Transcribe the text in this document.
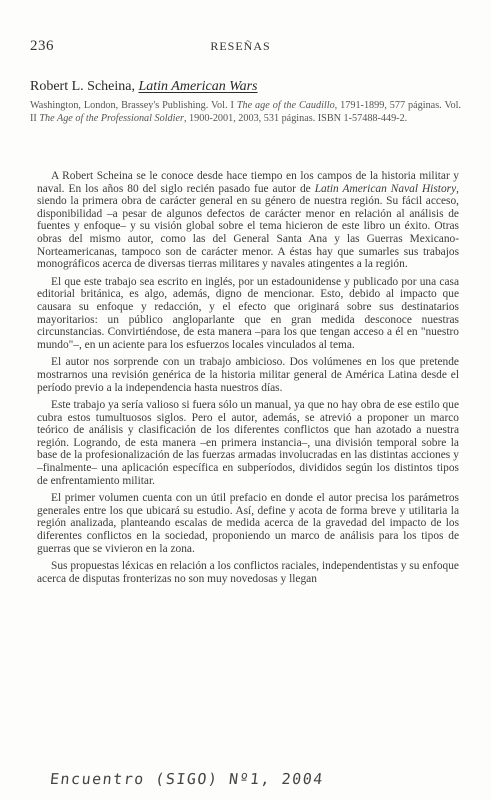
236	RESEÑAS
Robert L. Scheina, Latin American Wars
Washington, London, Brassey's Publishing. Vol. I The age of the Caudillo, 1791-1899, 577 páginas. Vol. II The Age of the Professional Soldier, 1900-2001, 2003, 531 páginas. ISBN 1-57488-449-2.

A Robert Scheina se le conoce desde hace tiempo en los campos de la historia militar y naval. En los años 80 del siglo recién pasado fue autor de Latin American Naval History, siendo la primera obra de carácter general en su género de nuestra región. Su fácil acceso, disponibilidad –a pesar de algunos defectos de carácter menor en relación al análisis de fuentes y enfoque– y su visión global sobre el tema hicieron de este libro un éxito. Otras obras del mismo autor, como las del General Santa Ana y las Guerras Mexicano-Norteamericanas, tampoco son de carácter menor. A éstas hay que sumarles sus trabajos monográficos acerca de diversas tierras militares y navales atingentes a la región.

El que este trabajo sea escrito en inglés, por un estadounidense y publicado por una casa editorial británica, es algo, además, digno de mencionar. Esto, debido al impacto que causara su enfoque y redacción, y el efecto que originará sobre sus destinatarios mayoritarios: un público angloparlante que en gran medida desconoce nuestras circunstancias. Convirtiéndose, de esta manera –para los que tengan acceso a él en "nuestro mundo"–, en un aciente para los esfuerzos locales vinculados al tema.

El autor nos sorprende con un trabajo ambicioso. Dos volúmenes en los que pretende mostrarnos una revisión genérica de la historia militar general de América Latina desde el período previo a la independencia hasta nuestros días.

Este trabajo ya sería valioso si fuera sólo un manual, ya que no hay obra de ese estilo que cubra estos tumultuosos siglos. Pero el autor, además, se atrevió a proponer un marco teórico de análisis y clasificación de los diferentes conflictos que han azotado a nuestra región. Logrando, de esta manera –en primera instancia–, una división temporal sobre la base de la profesionalización de las fuerzas armadas involucradas en las distintas acciones y –finalmente– una aplicación específica en subperíodos, divididos según los distintos tipos de enfrentamiento militar.

El primer volumen cuenta con un útil prefacio en donde el autor precisa los parámetros generales entre los que ubicará su estudio. Así, define y acota de forma breve y utilitaria la región analizada, planteando escalas de medida acerca de la gravedad del impacto de los diferentes conflictos en la sociedad, proponiendo un marco de análisis para los tipos de guerras que se vivieron en la zona.

Sus propuestas léxicas en relación a los conflictos raciales, independentistas y su enfoque acerca de disputas fronterizas no son muy novedosas y llegan

Encuentro (SIGO) Nº1, 2004
